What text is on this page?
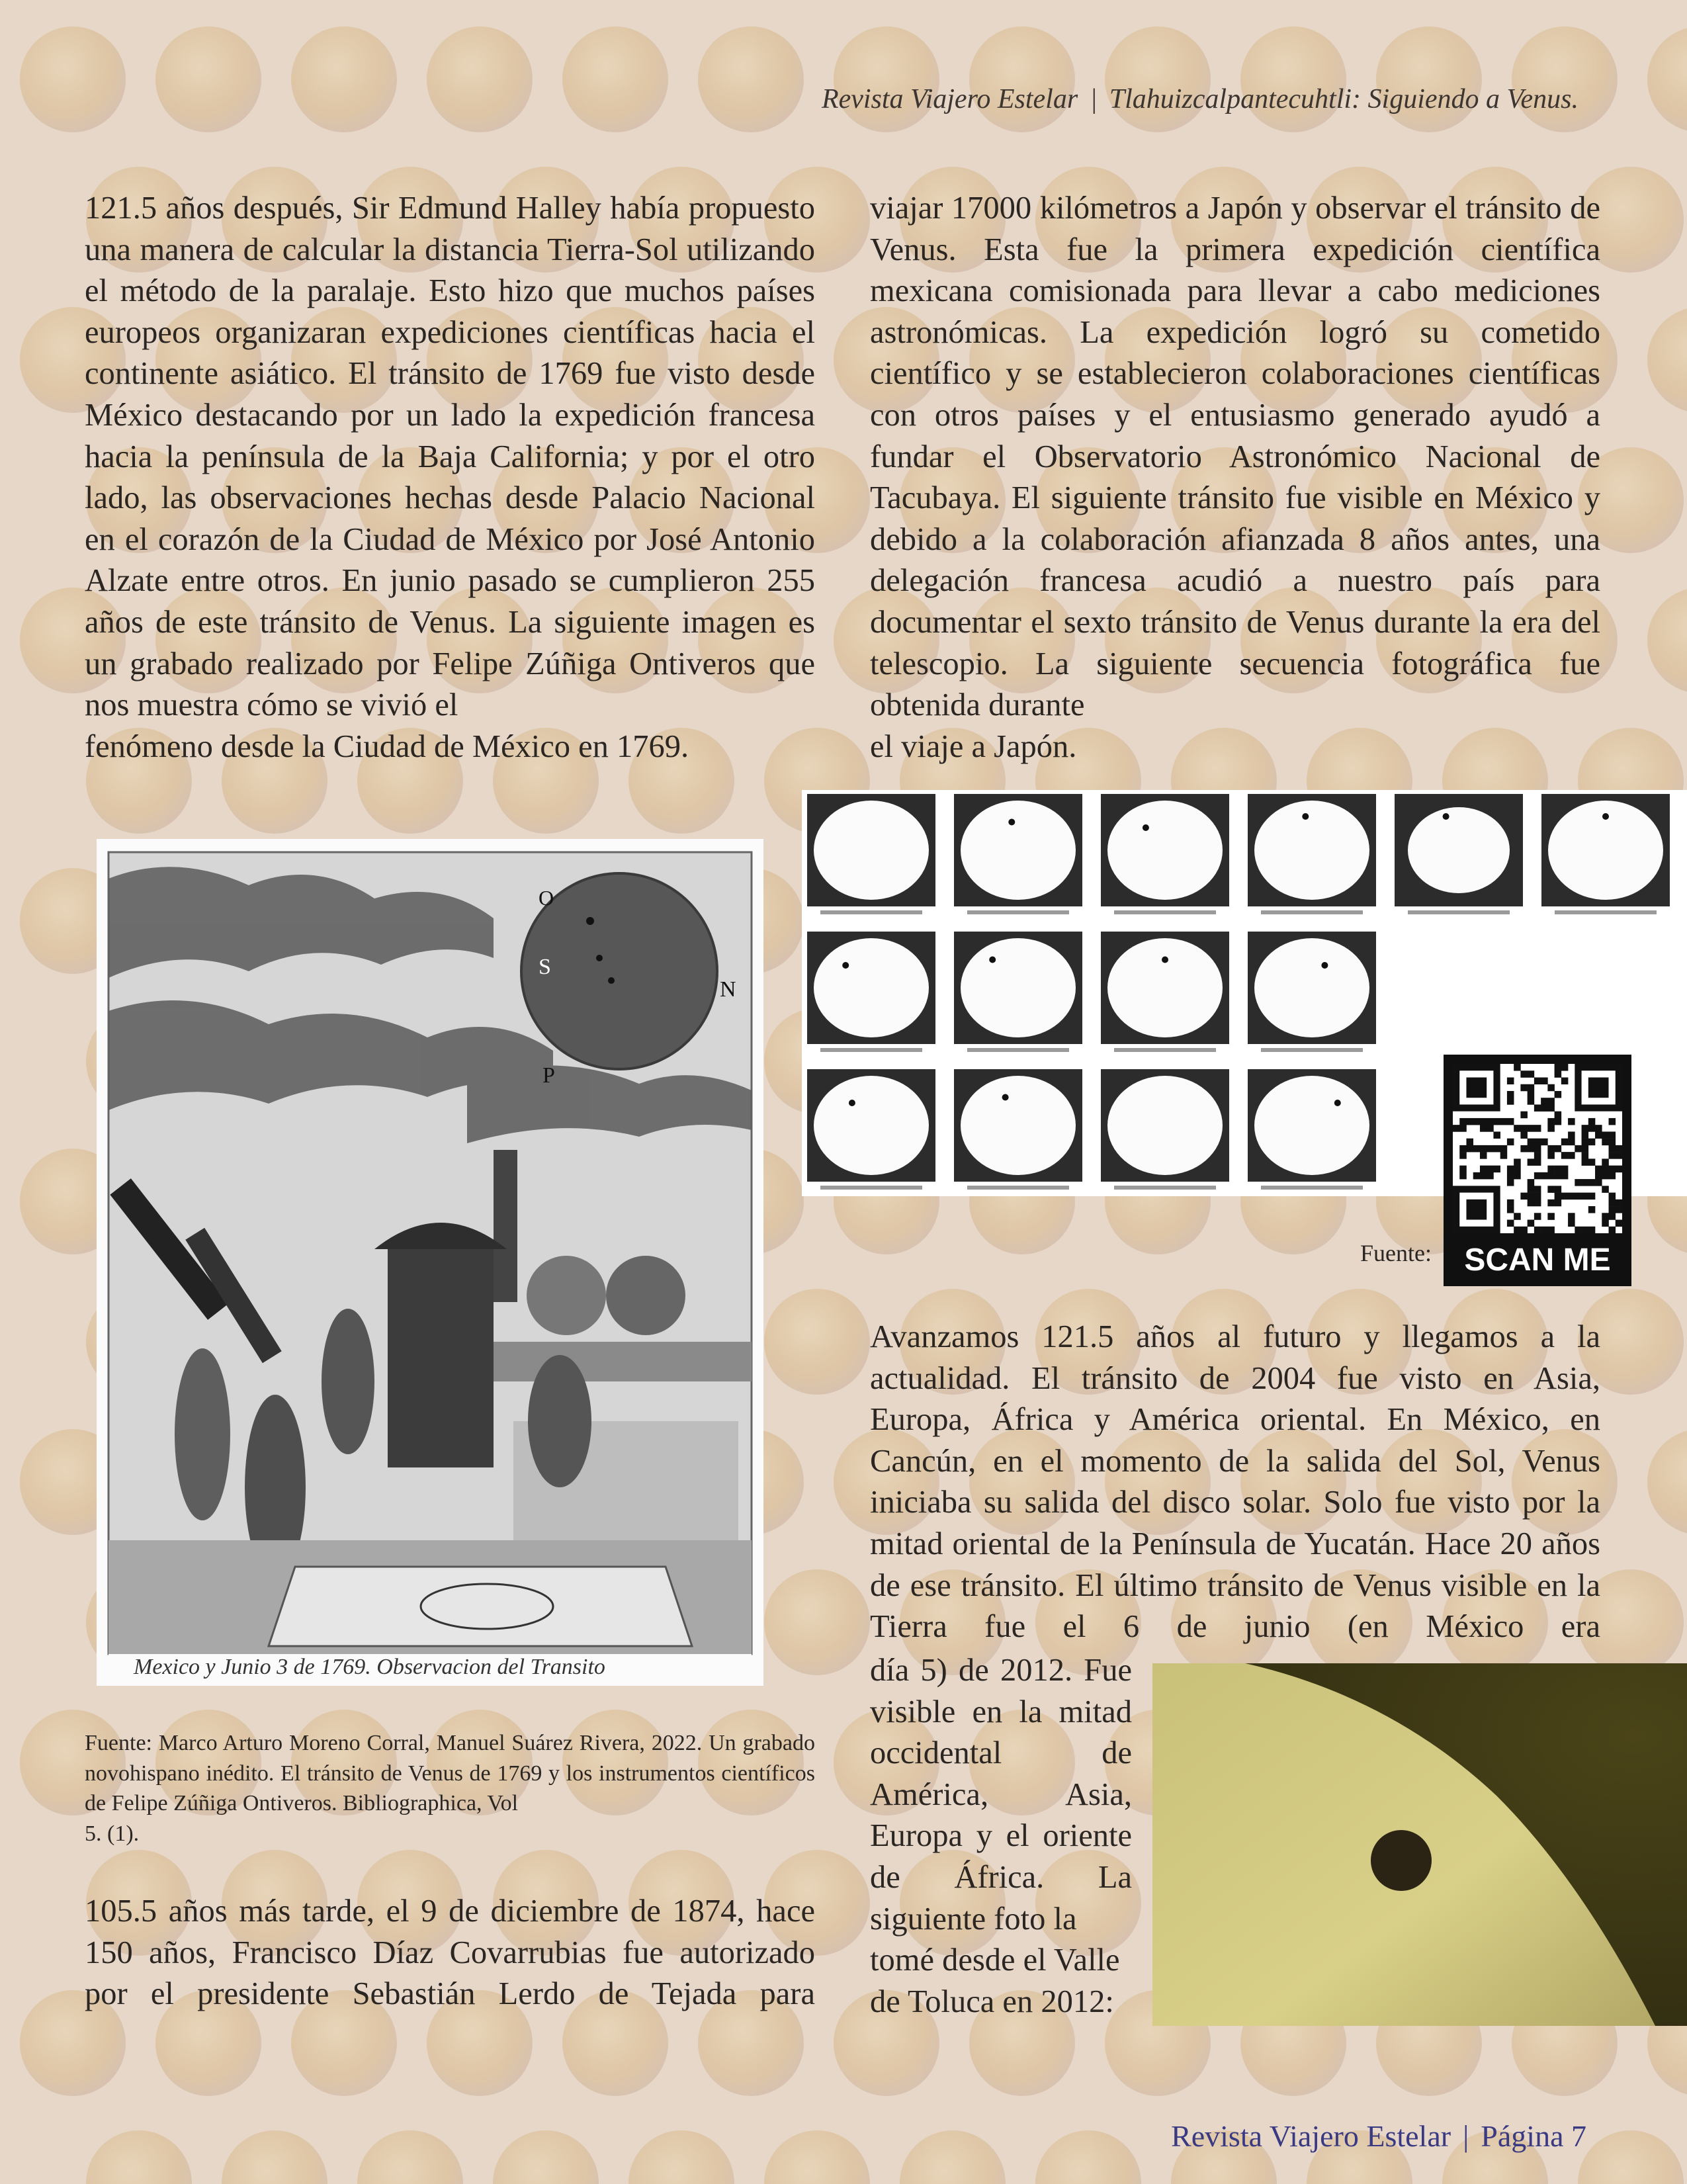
Revista Viajero Estelar | Tlahuizcalpantecuhtli: Siguiendo a Venus.

121.5 años después, Sir Edmund Halley había propuesto una manera de calcular la distancia Tierra-Sol utilizando el método de la paralaje. Esto hizo que muchos países europeos organizaran expediciones científicas hacia el continente asiático. El tránsito de 1769 fue visto desde México destacando por un lado la expedición francesa hacia la península de la Baja California; y por el otro lado, las observaciones hechas desde Palacio Nacional en el corazón de la Ciudad de México por José Antonio Alzate entre otros. En junio pasado se cumplieron 255 años de este tránsito de Venus. La siguiente imagen es un grabado realizado por Felipe Zúñiga Ontiveros que nos muestra cómo se vivió el
fenómeno desde la Ciudad de México en 1769.

S
N
O
P
Mexico y Junio 3 de 1769. Observacion del Transito
Fuente: Marco Arturo Moreno Corral, Manuel Suárez Rivera, 2022. Un grabado novohispano inédito. El tránsito de Venus de 1769 y los instrumentos científicos de Felipe Zúñiga Ontiveros. Bibliographica, Vol
5. (1).

105.5 años más tarde, el 9 de diciembre de 1874, hace 150 años, Francisco Díaz Covarrubias fue autorizado por el presidente Sebastián Lerdo de Tejada para

viajar 17000 kilómetros a Japón y observar el tránsito de Venus. Esta fue la primera expedición científica mexicana comisionada para llevar a cabo mediciones astronómicas. La expedición logró su cometido científico y se establecieron colaboraciones científicas con otros países y el entusiasmo generado ayudó a fundar el Observatorio Astronómico Nacional de Tacubaya. El siguiente tránsito fue visible en México y debido a la colaboración afianzada 8 años antes, una delegación francesa acudió a nuestro país para documentar el sexto tránsito de Venus durante la era del telescopio. La siguiente secuencia fotográfica fue obtenida durante
el viaje a Japón.

SCAN ME
Fuente:

Avanzamos 121.5 años al futuro y llegamos a la actualidad. El tránsito de 2004 fue visto en Asia, Europa, África y América oriental. En México, en Cancún, en el momento de la salida del Sol, Venus iniciaba su salida del disco solar. Solo fue visto por la mitad oriental de la Península de Yucatán. Hace 20 años de ese tránsito. El último tránsito de Venus visible en la Tierra fue el 6 de junio (en México era

día 5) de 2012. Fue visible en la mitad occidental de América, Asia, Europa y el oriente de África. La siguiente foto la
tomé desde el Valle de Toluca en 2012:

Revista Viajero Estelar | Página 7
